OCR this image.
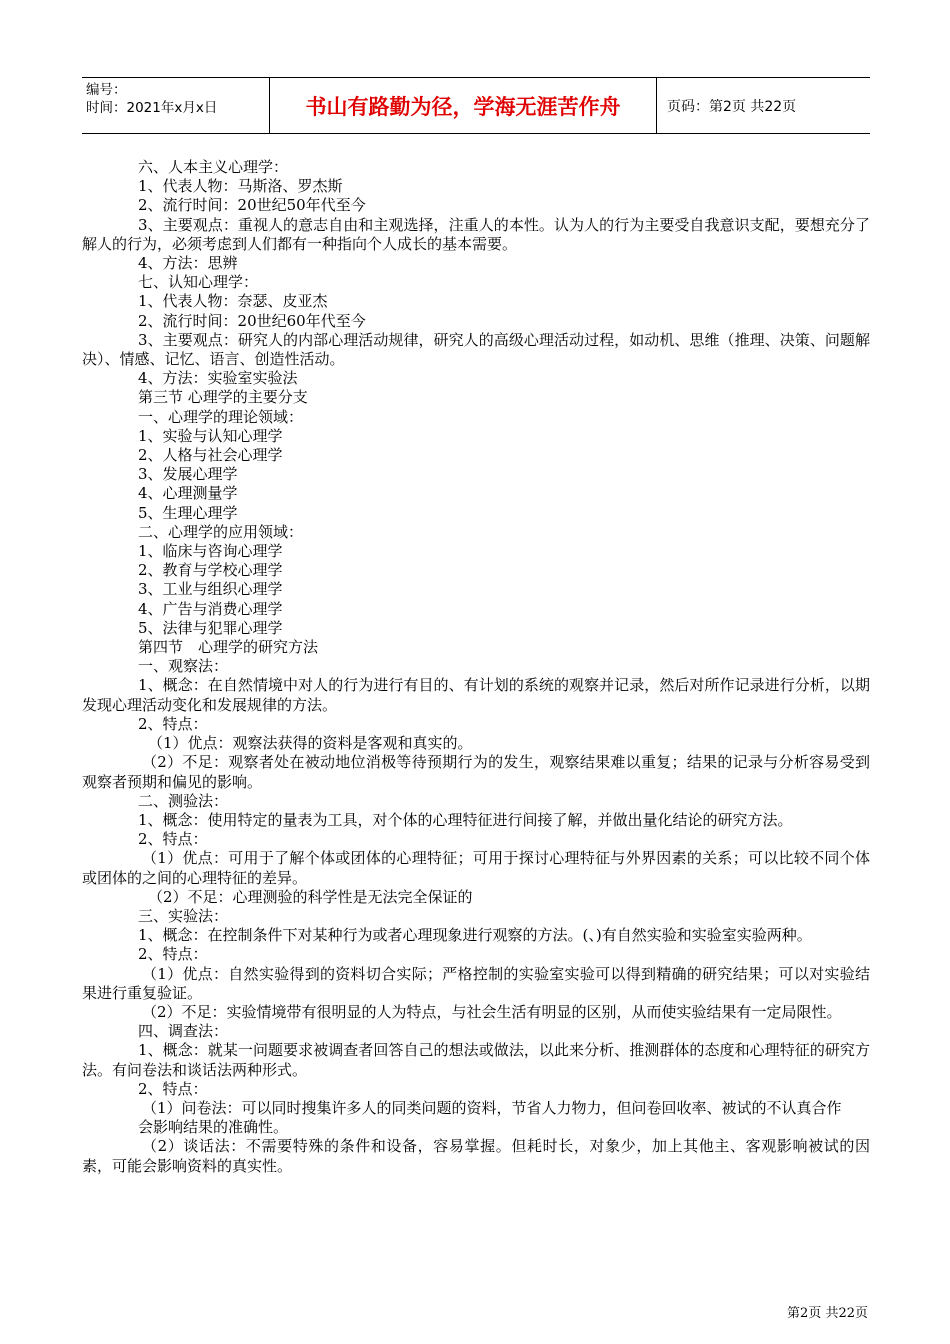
编号：
时间：2021年x月x日	书山有路勤为径，学海无涯苦作舟	页码：第2页 共22页
六、人本主义心理学：
1、代表人物：马斯洛、罗杰斯
2、流行时间：20世纪50年代至今
3、主要观点：重视人的意志自由和主观选择，注重人的本性。认为人的行为主要受自我意识支配，要想充分了解人的行为，必须考虑到人们都有一种指向个人成长的基本需要。
4、方法：思辨
七、认知心理学：
1、代表人物：奈瑟、皮亚杰
2、流行时间：20世纪60年代至今
3、主要观点：研究人的内部心理活动规律，研究人的高级心理活动过程，如动机、思维（推理、决策、问题解决）、情感、记忆、语言、创造性活动。
4、方法：实验室实验法
第三节 心理学的主要分支
一、心理学的理论领域：
1、实验与认知心理学
2、人格与社会心理学
3、发展心理学
4、心理测量学
5、生理心理学
二、心理学的应用领域：
1、临床与咨询心理学
2、教育与学校心理学
3、工业与组织心理学
4、广告与消费心理学
5、法律与犯罪心理学
第四节　心理学的研究方法
一、观察法：
1、概念：在自然情境中对人的行为进行有目的、有计划的系统的观察并记录，然后对所作记录进行分析，以期发现心理活动变化和发展规律的方法。
2、特点：
（1）优点：观察法获得的资料是客观和真实的。
（2）不足：观察者处在被动地位消极等待预期行为的发生，观察结果难以重复；结果的记录与分析容易受到观察者预期和偏见的影响。
二、测验法：
1、概念：使用特定的量表为工具，对个体的心理特征进行间接了解，并做出量化结论的研究方法。
2、特点：
（1）优点：可用于了解个体或团体的心理特征；可用于探讨心理特征与外界因素的关系；可以比较不同个体或团体的之间的心理特征的差异。
（2）不足：心理测验的科学性是无法完全保证的
三、实验法：
1、概念：在控制条件下对某种行为或者心理现象进行观察的方法。(、)有自然实验和实验室实验两种。
2、特点：
（1）优点：自然实验得到的资料切合实际；严格控制的实验室实验可以得到精确的研究结果；可以对实验结果进行重复验证。
（2）不足：实验情境带有很明显的人为特点，与社会生活有明显的区别，从而使实验结果有一定局限性。
四、调查法：
1、概念：就某一问题要求被调查者回答自己的想法或做法，以此来分析、推测群体的态度和心理特征的研究方法。有问卷法和谈话法两种形式。
2、特点：
（1）问卷法：可以同时搜集许多人的同类问题的资料，节省人力物力，但问卷回收率、被试的不认真合作
会影响结果的准确性。
（2）谈话法：不需要特殊的条件和设备，容易掌握。但耗时长，对象少，加上其他主、客观影响被试的因素，可能会影响资料的真实性。
第2页 共22页
